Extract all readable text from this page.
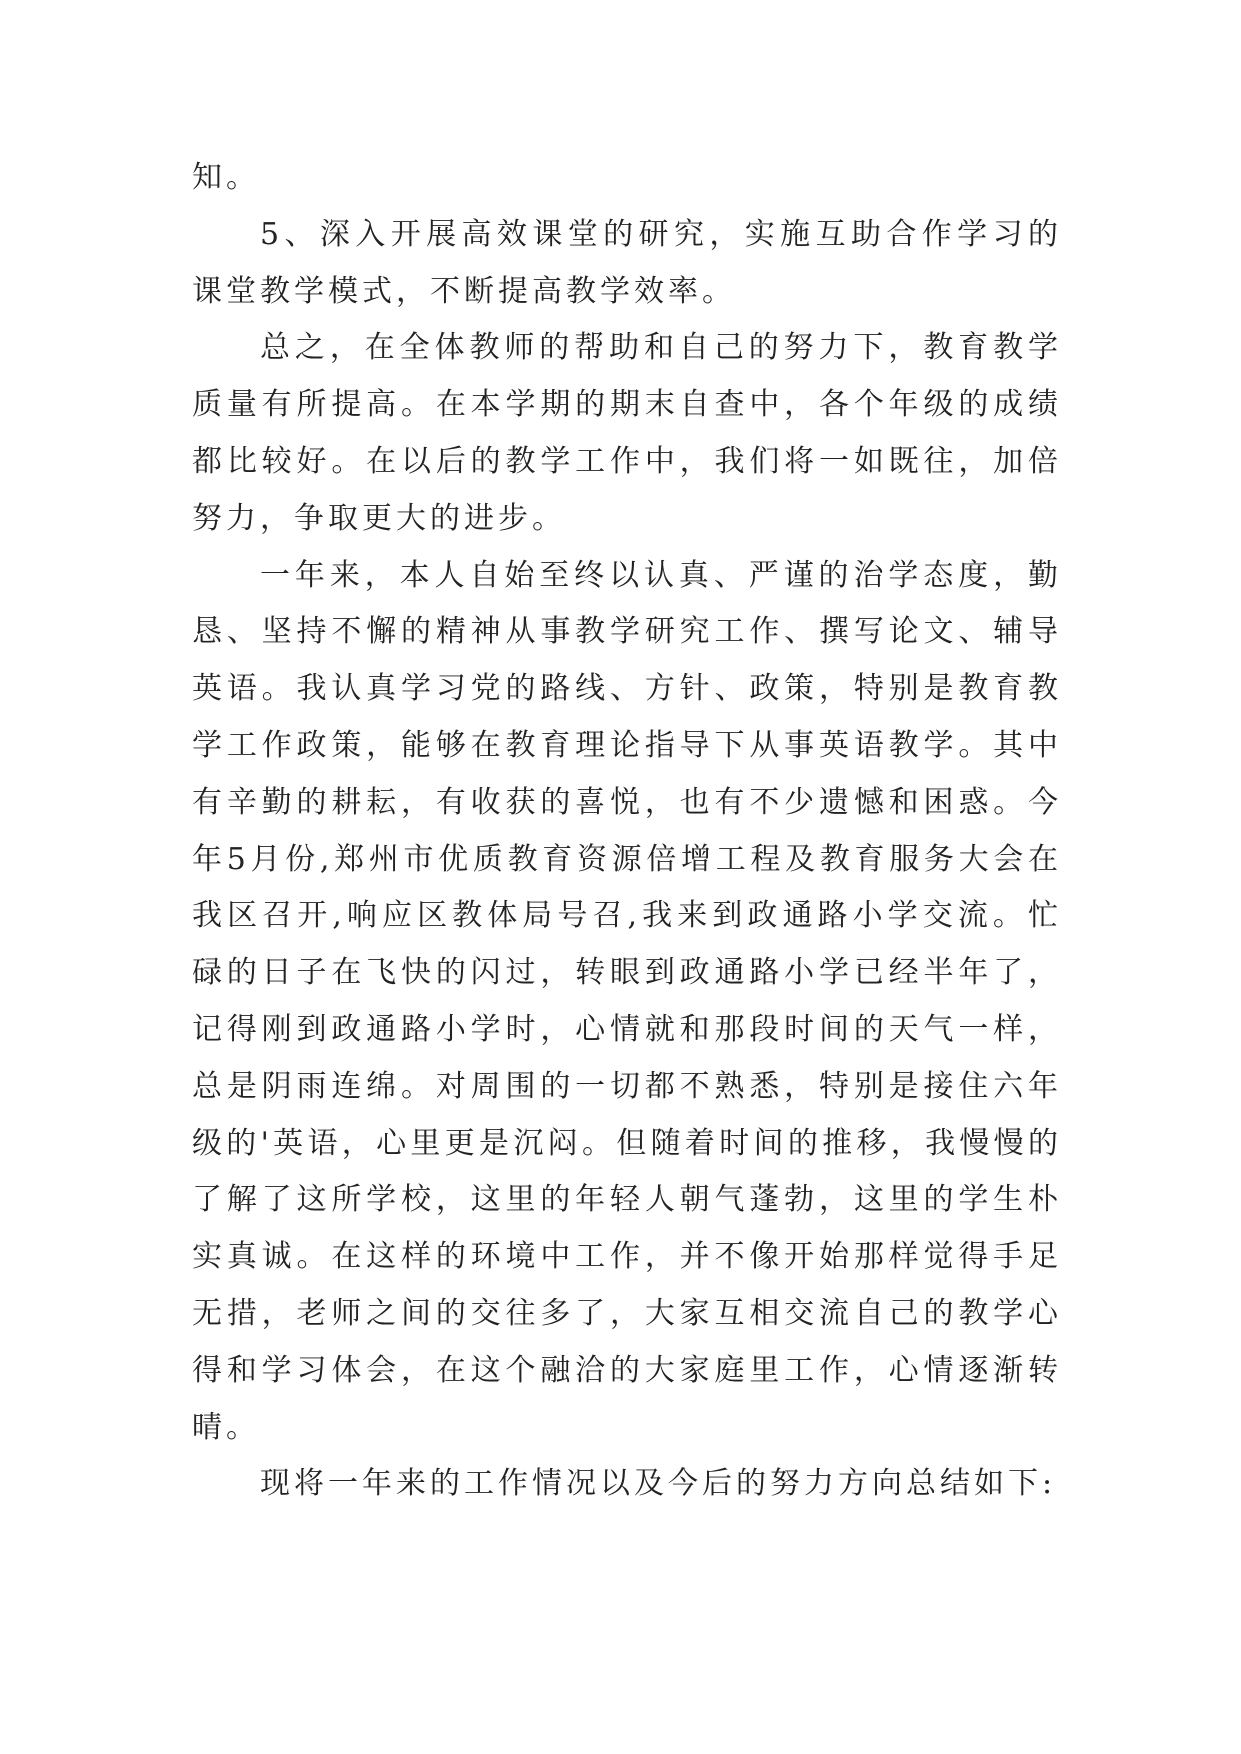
知。

5、深入开展高效课堂的研究，实施互助合作学习的课堂教学模式，不断提高教学效率。

总之，在全体教师的帮助和自己的努力下，教育教学质量有所提高。在本学期的期末自查中，各个年级的成绩都比较好。在以后的教学工作中，我们将一如既往，加倍努力，争取更大的进步。

一年来，本人自始至终以认真、严谨的治学态度，勤恳、坚持不懈的精神从事教学研究工作、撰写论文、辅导英语。我认真学习党的路线、方针、政策，特别是教育教学工作政策，能够在教育理论指导下从事英语教学。其中有辛勤的耕耘，有收获的喜悦，也有不少遗憾和困惑。今年5月份,郑州市优质教育资源倍增工程及教育服务大会在我区召开,响应区教体局号召,我来到政通路小学交流。忙碌的日子在飞快的闪过，转眼到政通路小学已经半年了，记得刚到政通路小学时，心情就和那段时间的天气一样，总是阴雨连绵。对周围的一切都不熟悉，特别是接住六年级的'英语，心里更是沉闷。但随着时间的推移，我慢慢的了解了这所学校，这里的年轻人朝气蓬勃，这里的学生朴实真诚。在这样的环境中工作，并不像开始那样觉得手足无措，老师之间的交往多了，大家互相交流自己的教学心得和学习体会，在这个融洽的大家庭里工作，心情逐渐转晴。

现将一年来的工作情况以及今后的努力方向总结如下:
